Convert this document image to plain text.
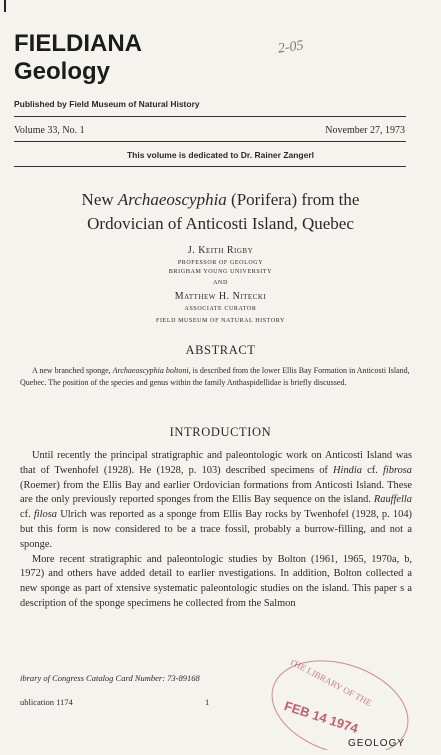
FIELDIANA
Geology
2-05
Published by Field Museum of Natural History
Volume 33, No. 1	November 27, 1973
This volume is dedicated to Dr. Rainer Zangerl
New Archaeoscyphia (Porifera) from the
Ordovician of Anticosti Island, Quebec
J. Keith Rigby
PROFESSOR OF GEOLOGY
BRIGHAM YOUNG UNIVERSITY
AND
Matthew H. Nitecki
ASSOCIATE CURATOR
FIELD MUSEUM OF NATURAL HISTORY
ABSTRACT
A new branched sponge, Archaeoscyphia boltoni, is described from the lower Ellis Bay Formation in Anticosti Island, Quebec. The position of the species and genus within the family Anthaspidellidae is briefly discussed.
INTRODUCTION

Until recently the principal stratigraphic and paleontologic work on Anticosti Island was that of Twenhofel (1928). He (1928, p. 103) described specimens of Hindia cf. fibrosa (Roemer) from the Ellis Bay and earlier Ordovician formations from Anticosti Island. These are the only previously reported sponges from the Ellis Bay sequence on the island. Rauffella cf. filosa Ulrich was reported as a sponge from Ellis Bay rocks by Twenhofel (1928, p. 104) but this form is now considered to be a trace fossil, probably a burrow-filling, and not a sponge.

More recent stratigraphic and paleontologic studies by Bolton (1961, 1965, 1970a, b, 1972) and others have added detail to earlier nvestigations. In addition, Bolton collected a new sponge as part of xtensive systematic paleontologic studies on the island. This paper s a description of the sponge specimens he collected from the Salmon

ibrary of Congress Catalog Card Number: 73-89168
ublication 1174	1	THE LIBRARY OF THE
FEB 14 1974
GEOLOGY
